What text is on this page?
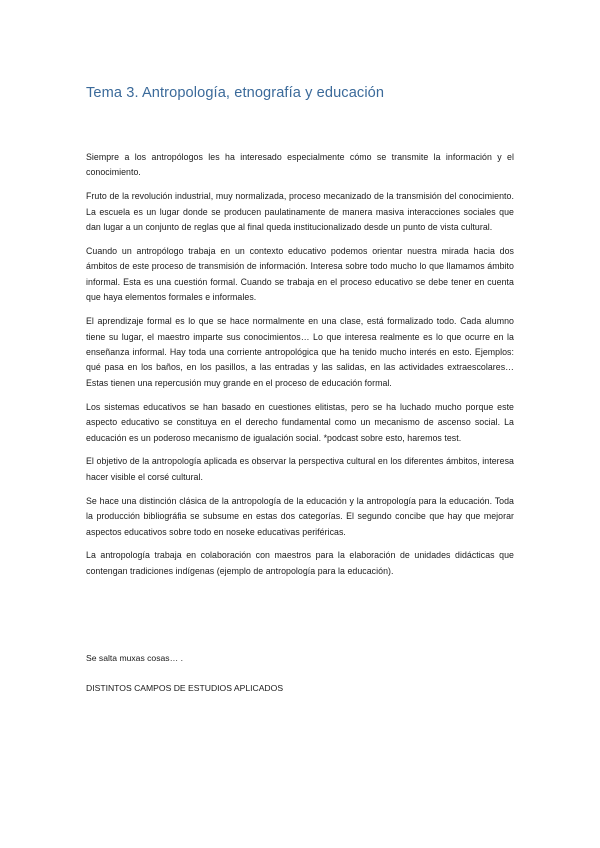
Tema 3. Antropología, etnografía y educación

Siempre a los antropólogos les ha interesado especialmente cómo se transmite la información y el conocimiento.

Fruto de la revolución industrial, muy normalizada, proceso mecanizado de la transmisión del conocimiento. La escuela es un lugar donde se producen paulatinamente de manera masiva interacciones sociales que dan lugar a un conjunto de reglas que al final queda institucionalizado desde un punto de vista cultural.

Cuando un antropólogo trabaja en un contexto educativo podemos orientar nuestra mirada hacia dos ámbitos de este proceso de transmisión de información. Interesa sobre todo mucho lo que llamamos ámbito informal. Esta es una cuestión formal. Cuando se trabaja en el proceso educativo se debe tener en cuenta que haya elementos formales e informales.

El aprendizaje formal es lo que se hace normalmente en una clase, está formalizado todo. Cada alumno tiene su lugar, el maestro imparte sus conocimientos… Lo que interesa realmente es lo que ocurre en la enseñanza informal. Hay toda una corriente antropológica que ha tenido mucho interés en esto. Ejemplos: qué pasa en los baños, en los pasillos, a las entradas y las salidas, en las actividades extraescolares… Estas tienen una repercusión muy grande en el proceso de educación formal.

Los sistemas educativos se han basado en cuestiones elitistas, pero se ha luchado mucho porque este aspecto educativo se constituya en el derecho fundamental como un mecanismo de ascenso social. La educación es un poderoso mecanismo de igualación social. *podcast sobre esto, haremos test.

El objetivo de la antropología aplicada es observar la perspectiva cultural en los diferentes ámbitos, interesa hacer visible el corsé cultural.

Se hace una distinción clásica de la antropología de la educación y la antropología para la educación. Toda la producción bibliográfia se subsume en estas dos categorías. El segundo concibe que hay que mejorar aspectos educativos sobre todo en noseke educativas periféricas.

La antropología trabaja en colaboración con maestros para la elaboración de unidades didácticas que contengan tradiciones indígenas (ejemplo de antropología para la educación).

Se salta muxas cosas… .

DISTINTOS CAMPOS DE ESTUDIOS APLICADOS
